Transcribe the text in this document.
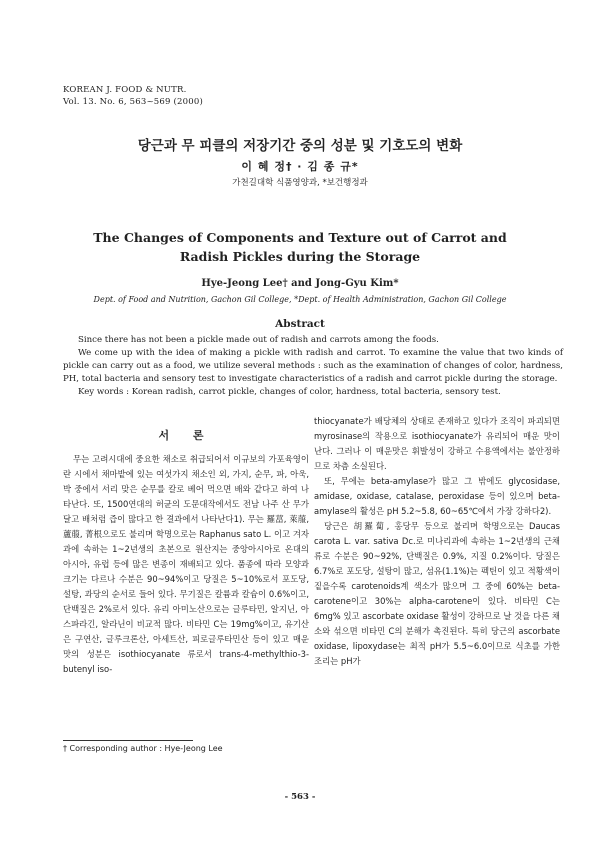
KOREAN J. FOOD & NUTR.
Vol. 13. No. 6, 563~569 (2000)
당근과 무 피클의 저장기간 중의 성분 및 기호도의 변화
이 혜 정† · 김 종 규*
가천길대학 식품영양과, *보건행정과
The Changes of Components and Texture out of Carrot and
Radish Pickles during the Storage
Hye-Jeong Lee† and Jong-Gyu Kim*
Dept. of Food and Nutrition, Gachon Gil College, *Dept. of Health Administration, Gachon Gil College
Abstract

Since there has not been a pickle made out of radish and carrots among the foods.

We come up with the idea of making a pickle with radish and carrot. To examine the value that two kinds of pickle can carry out as a food, we utilize several methods : such as the examination of changes of color, hardness, PH, total bacteria and sensory test to investigate characteristics of a radish and carrot pickle during the storage.

Key words : Korean radish, carrot pickle, changes of color, hardness, total bacteria, sensory test.

서 론

무는 고려시대에 중요한 채소로 취급되어서 이규보의 가포육영이란 시에서 채마밭에 있는 여섯가지 채소인 외, 가지, 순무, 파, 아욱, 박 중에서 서리 맞은 순무를 칼로 베어 먹으면 배와 같다고 하여 나타난다. 또, 1500연대의 허균의 도문대작에서도 전남 나주 산 무가 달고 배처럼 즙이 많다고 한 결과에서 나타난다1). 무는 羅葍, 萊菔, 蘆菔, 菁根으로도 불리며 학명으로는 Raphanus sato L. 이고 겨자과에 속하는 1~2년생의 초본으로 원산지는 중앙아시아로 온대의 아시아, 유럽 등에 많은 변종이 재배되고 있다. 품종에 따라 모양과 크기는 다르나 수분은 90~94%이고 당질은 5~10%로서 포도당, 설탕, 과당의 순서로 들어 있다. 무기질은 칼륨과 칼슘이 0.6%이고, 단백질은 2%로서 있다. 유리 아미노산으로는 글루타민, 알지닌, 아스파라긴, 알라닌이 비교적 많다. 비타민 C는 19mg%이고, 유기산은 구연산, 글루크론산, 아세트산, 피로글루타민산 등이 있고 매운 맛의 성분은 isothiocyanate 류로서 trans-4-methylthio-3-butenyl iso-

thiocyanate가 배당체의 상태로 존재하고 있다가 조직이 파괴되면 myrosinase의 작용으로 isothiocyanate가 유리되어 매운 맛이 난다. 그러나 이 매운맛은 휘발성이 강하고 수용액에서는 불안정하므로 차츰 소실된다.

또, 무에는 beta-amylase가 많고 그 밖에도 glycosidase, amidase, oxidase, catalase, peroxidase 등이 있으며 beta-amylase의 활성은 pH 5.2~5.8, 60~65℃에서 가장 강하다2).

당근은 胡羅蔔, 홍당무 등으로 불리며 학명으로는 Daucas carota L. var. sativa Dc.로 미나리과에 속하는 1~2년생의 근채류로 수분은 90~92%, 단백질은 0.9%, 지질 0.2%이다. 당질은 6.7%로 포도당, 설탕이 많고, 섬유(1.1%)는 펙틴이 있고 적황색이 짙을수록 carotenoids계 색소가 많으며 그 중에 60%는 beta-carotene이고 30%는 alpha-carotene이 있다. 비타민 C는 6mg% 있고 ascorbate oxidase 활성이 강하므로 날 것을 다른 채소와 섞으면 비타민 C의 분해가 촉진된다. 특히 당근의 ascorbate oxidase, lipoxydase는 최적 pH가 5.5~6.0이므로 식초를 가한 조리는 pH가

† Corresponding author : Hye-Jeong Lee
- 563 -
